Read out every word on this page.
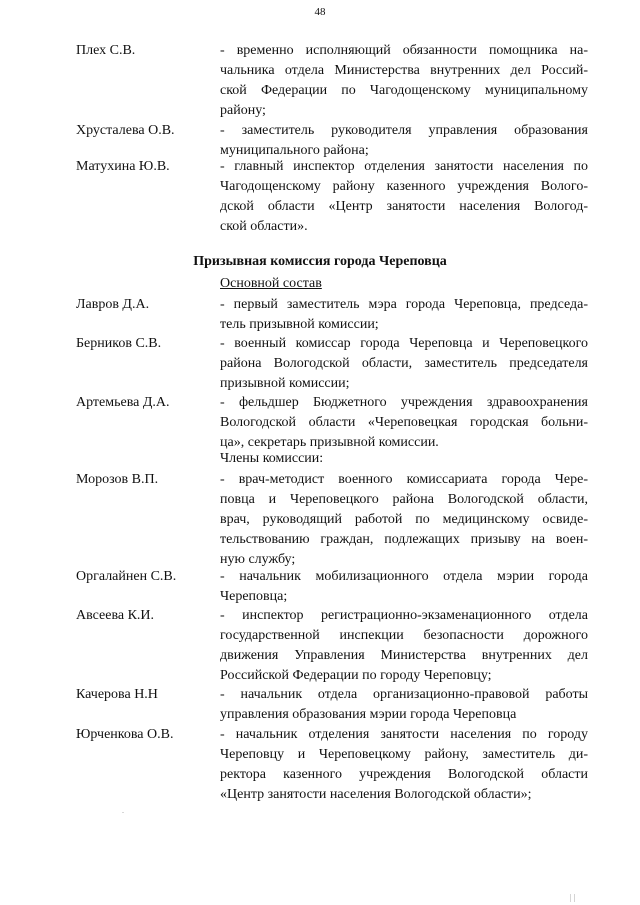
48
Плех С.В.	- временно исполняющий обязанности помощника на-
чальника отдела Министерства внутренних дел Россий-
ской Федерации по Чагодощенскому муниципальному
району;
Хрусталева О.В.	- заместитель руководителя управления образования
муниципального района;
Матухина Ю.В.	- главный инспектор отделения занятости населения по
Чагодощенскому району казенного учреждения Волого-
дской области «Центр занятости населения Вологод-
ской области».
Призывная комиссия города Череповца
Основной состав
Лавров Д.А.	- первый заместитель мэра города Череповца, председа-
тель призывной комиссии;
Берников С.В.	- военный комиссар города Череповца и Череповецкого
района Вологодской области, заместитель председателя
призывной комиссии;
Артемьева Д.А.	- фельдшер Бюджетного учреждения здравоохранения
Вологодской области «Череповецкая городская больни-
ца», секретарь призывной комиссии.
Члены комиссии:
Морозов В.П.	- врач-методист военного комиссариата города Чере-
повца и Череповецкого района Вологодской области,
врач, руководящий работой по медицинскому освиде-
тельствованию граждан, подлежащих призыву на воен-
ную службу;
Оргалайнен С.В.	- начальник мобилизационного отдела мэрии города
Череповца;
Авсеева К.И.	- инспектор регистрационно-экзаменационного отдела
государственной инспекции безопасности дорожного
движения Управления Министерства внутренних дел
Российской Федерации по городу Череповцу;
Качерова Н.Н	- начальник отдела организационно-правовой работы
управления образования мэрии города Череповца
Юрченкова О.В.	- начальник отделения занятости населения по городу
Череповцу и Череповецкому району, заместитель ди-
ректора казенного учреждения Вологодской области
«Центр занятости населения Вологодской области»;
.
| |
